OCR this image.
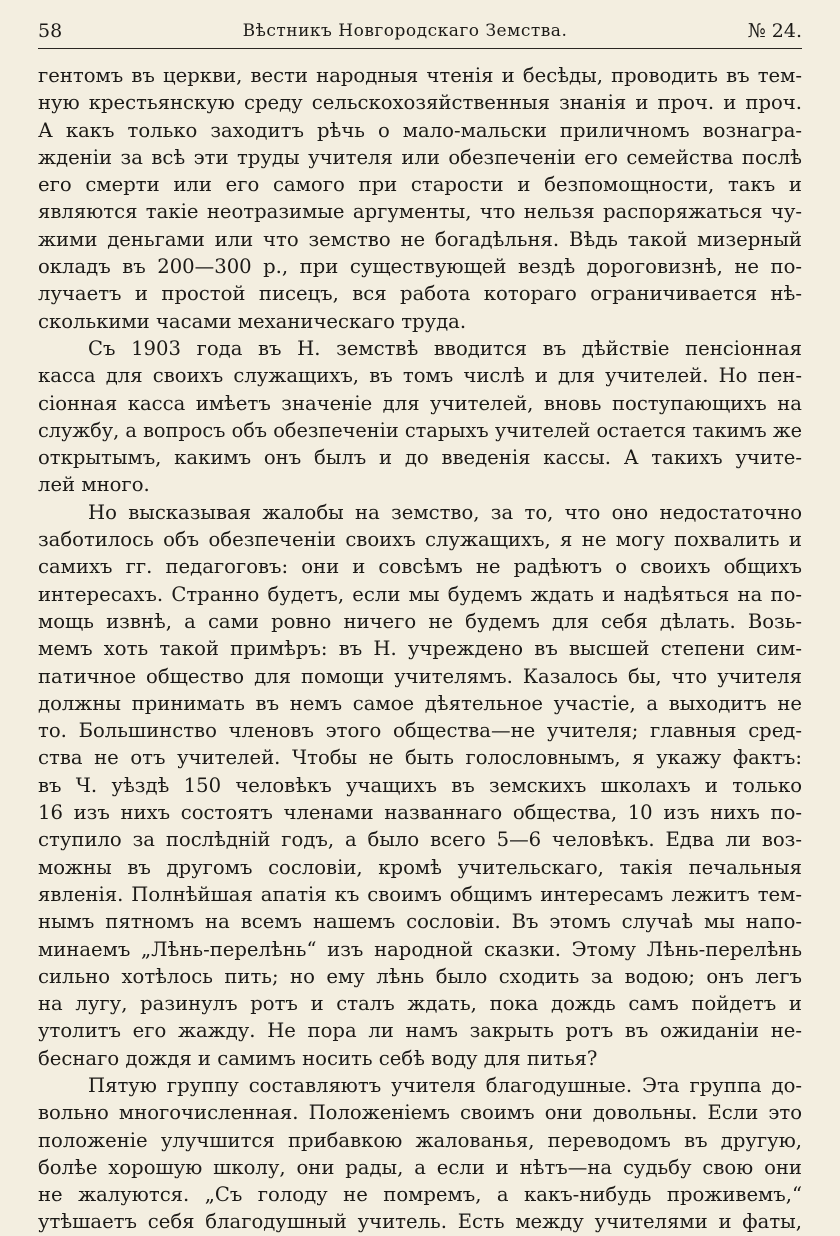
58	Вѣстникъ Новгородскаго Земства.	№ 24.
гентомъ въ церкви, вести народныя чтенія и бесѣды, проводить въ тем-
ную крестьянскую среду сельскохозяйственныя знанія и проч. и проч.
А какъ только заходитъ рѣчь о мало-мальски приличномъ вознагра-
жденіи за всѣ эти труды учителя или обезпеченіи его семейства послѣ
его смерти или его самого при старости и безпомощности, такъ и
являются такіе неотразимые аргументы, что нельзя распоряжаться чу-
жими деньгами или что земство не богадѣльня. Вѣдь такой мизерный
окладъ въ 200—300 р., при существующей вездѣ дороговизнѣ, не по-
лучаетъ и простой писецъ, вся работа котораго ограничивается нѣ-
сколькими часами механическаго труда.
Съ 1903 года въ Н. земствѣ вводится въ дѣйствіе пенсіонная
касса для своихъ служащихъ, въ томъ числѣ и для учителей. Но пен-
сіонная касса имѣетъ значеніе для учителей, вновь поступающихъ на
службу, а вопросъ объ обезпеченіи старыхъ учителей остается такимъ же
открытымъ, какимъ онъ былъ и до введенія кассы. А такихъ учите-
лей много.
Но высказывая жалобы на земство, за то, что оно недостаточно
заботилось объ обезпеченіи своихъ служащихъ, я не могу похвалить и
самихъ гг. педагоговъ: они и совсѣмъ не радѣютъ о своихъ общихъ
интересахъ. Странно будетъ, если мы будемъ ждать и надѣяться на по-
мощь извнѣ, а сами ровно ничего не будемъ для себя дѣлать. Возь-
мемъ хоть такой примѣръ: въ Н. учреждено въ высшей степени сим-
патичное общество для помощи учителямъ. Казалось бы, что учителя
должны принимать въ немъ самое дѣятельное участіе, а выходитъ не
то. Большинство членовъ этого общества—не учителя; главныя сред-
ства не отъ учителей. Чтобы не быть голословнымъ, я укажу фактъ:
въ Ч. уѣздѣ 150 человѣкъ учащихъ въ земскихъ школахъ и только
16 изъ нихъ состоятъ членами названнаго общества, 10 изъ нихъ по-
ступило за послѣдній годъ, а было всего 5—6 человѣкъ. Едва ли воз-
можны въ другомъ сословіи, кромѣ учительскаго, такія печальныя
явленія. Полнѣйшая апатія къ своимъ общимъ интересамъ лежитъ тем-
нымъ пятномъ на всемъ нашемъ сословіи. Въ этомъ случаѣ мы напо-
минаемъ „Лѣнь-перелѣнь“ изъ народной сказки. Этому Лѣнь-перелѣнь
сильно хотѣлось пить; но ему лѣнь было сходить за водою; онъ легъ
на лугу, разинулъ ротъ и сталъ ждать, пока дождь самъ пойдетъ и
утолитъ его жажду. Не пора ли намъ закрыть ротъ въ ожиданіи не-
беснаго дождя и самимъ носить себѣ воду для питья?
Пятую группу составляютъ учителя благодушные. Эта группа до-
вольно многочисленная. Положеніемъ своимъ они довольны. Если это
положеніе улучшится прибавкою жалованья, переводомъ въ другую,
болѣе хорошую школу, они рады, а если и нѣтъ—на судьбу свою они
не жалуются. „Съ голоду не помремъ, а какъ-нибудь проживемъ,“
утѣшаетъ себя благодушный учитель. Есть между учителями и фаты,
